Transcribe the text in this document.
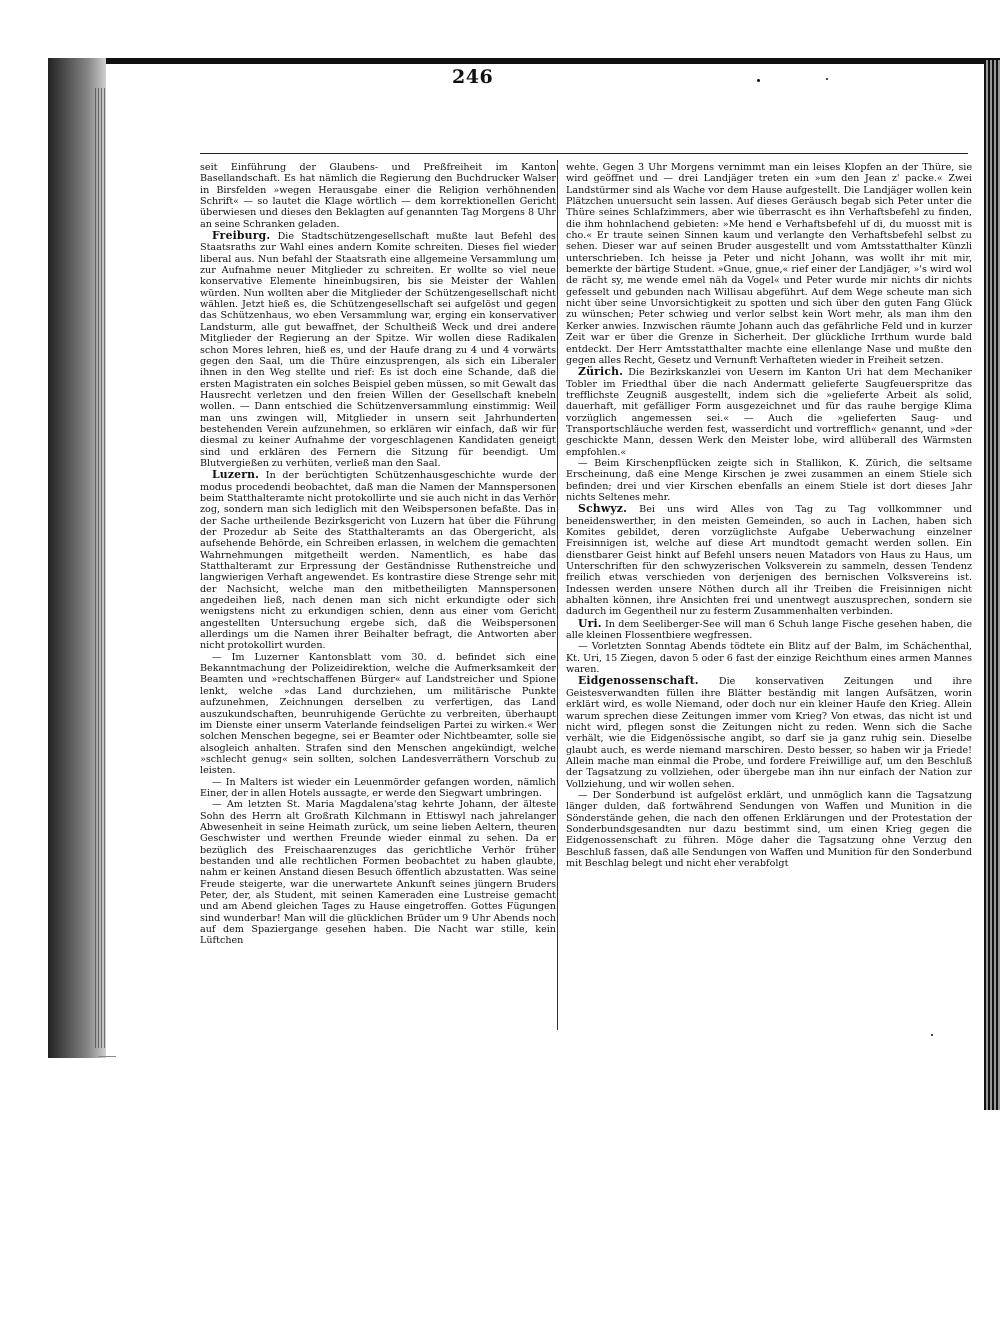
246

seit Einführung der Glaubens- und Preßfreiheit im Kanton Basellandschaft. Es hat nämlich die Regierung den Buchdrucker Walser in Birsfelden »wegen Herausgabe einer die Religion verhöhnenden Schrift« — so lautet die Klage wörtlich — dem korrektionellen Gericht überwiesen und dieses den Beklagten auf genannten Tag Morgens 8 Uhr an seine Schranken geladen.

Freiburg. Die Stadtschützengesellschaft mußte laut Befehl des Staatsraths zur Wahl eines andern Komite schreiten. Dieses fiel wieder liberal aus. Nun befahl der Staatsrath eine allgemeine Versammlung um zur Aufnahme neuer Mitglieder zu schreiten. Er wollte so viel neue konservative Elemente hineinbugsiren, bis sie Meister der Wahlen würden. Nun wollten aber die Mitglieder der Schützengesellschaft nicht wählen. Jetzt hieß es, die Schützengesellschaft sei aufgelöst und gegen das Schützenhaus, wo eben Versammlung war, erging ein konservativer Landsturm, alle gut bewaffnet, der Schultheiß Weck und drei andere Mitglieder der Regierung an der Spitze. Wir wollen diese Radikalen schon Mores lehren, hieß es, und der Haufe drang zu 4 und 4 vorwärts gegen den Saal, um die Thüre einzusprengen, als sich ein Liberaler ihnen in den Weg stellte und rief: Es ist doch eine Schande, daß die ersten Magistraten ein solches Beispiel geben müssen, so mit Gewalt das Hausrecht verletzen und den freien Willen der Gesellschaft knebeln wollen. — Dann entschied die Schützenversammlung einstimmig: Weil man uns zwingen will, Mitglieder in unsern seit Jahrhunderten bestehenden Verein aufzunehmen, so erklären wir einfach, daß wir für diesmal zu keiner Aufnahme der vorgeschlagenen Kandidaten geneigt sind und erklären des Fernern die Sitzung für beendigt. Um Blutvergießen zu verhüten, verließ man den Saal.

Luzern. In der berüchtigten Schützenhausgeschichte wurde der modus procedendi beobachtet, daß man die Namen der Mannspersonen beim Statthalteramte nicht protokollirte und sie auch nicht in das Verhör zog, sondern man sich lediglich mit den Weibspersonen befaßte. Das in der Sache urtheilende Bezirksgericht von Luzern hat über die Führung der Prozedur ab Seite des Statthalteramts an das Obergericht, als aufsehende Behörde, ein Schreiben erlassen, in welchem die gemachten Wahrnehmungen mitgetheilt werden. Namentlich, es habe das Statthalteramt zur Erpressung der Geständnisse Ruthenstreiche und langwierigen Verhaft angewendet. Es kontrastire diese Strenge sehr mit der Nachsicht, welche man den mitbetheiligten Mannspersonen angedeihen ließ, nach denen man sich nicht erkundigte oder sich wenigstens nicht zu erkundigen schien, denn aus einer vom Gericht angestellten Untersuchung ergebe sich, daß die Weibspersonen allerdings um die Namen ihrer Beihalter befragt, die Antworten aber nicht protokollirt wurden.

— Im Luzerner Kantonsblatt vom 30. d. befindet sich eine Bekanntmachung der Polizeidirektion, welche die Aufmerksamkeit der Beamten und »rechtschaffenen Bürger« auf Landstreicher und Spione lenkt, welche »das Land durchziehen, um militärische Punkte aufzunehmen, Zeichnungen derselben zu verfertigen, das Land auszukundschaften, beunruhigende Gerüchte zu verbreiten, überhaupt im Dienste einer unserm Vaterlande feindseligen Partei zu wirken.« Wer solchen Menschen begegne, sei er Beamter oder Nichtbeamter, solle sie alsogleich anhalten. Strafen sind den Menschen angekündigt, welche »schlecht genug« sein sollten, solchen Landesverräthern Vorschub zu leisten.

— In Malters ist wieder ein Leuenmörder gefangen worden, nämlich Einer, der in allen Hotels aussagte, er werde den Siegwart umbringen.

— Am letzten St. Maria Magdalena'stag kehrte Johann, der älteste Sohn des Herrn alt Großrath Kilchmann in Ettiswyl nach jahrelanger Abwesenheit in seine Heimath zurück, um seine lieben Aeltern, theuren Geschwister und werthen Freunde wieder einmal zu sehen. Da er bezüglich des Freischaarenzuges das gerichtliche Verhör früher bestanden und alle rechtlichen Formen beobachtet zu haben glaubte, nahm er keinen Anstand diesen Besuch öffentlich abzustatten. Was seine Freude steigerte, war die unerwartete Ankunft seines jüngern Bruders Peter, der, als Student, mit seinen Kameraden eine Lustreise gemacht und am Abend gleichen Tages zu Hause eingetroffen. Gottes Fügungen sind wunderbar! Man will die glücklichen Brüder um 9 Uhr Abends noch auf dem Spaziergange gesehen haben. Die Nacht war stille, kein Lüftchen

wehte. Gegen 3 Uhr Morgens vernimmt man ein leises Klopfen an der Thüre, sie wird geöffnet und — drei Landjäger treten ein »um den Jean z' packe.« Zwei Landstürmer sind als Wache vor dem Hause aufgestellt. Die Landjäger wollen kein Plätzchen unuersucht sein lassen. Auf dieses Geräusch begab sich Peter unter die Thüre seines Schlafzimmers, aber wie überrascht es ihn Verhaftsbefehl zu finden, die ihm hohnlachend gebieten: »Me hend e Verhaftsbefehl uf di, du muosst mit is cho.« Er traute seinen Sinnen kaum und verlangte den Verhaftsbefehl selbst zu sehen. Dieser war auf seinen Bruder ausgestellt und vom Amtsstatthalter Künzli unterschrieben. Ich heisse ja Peter und nicht Johann, was wollt ihr mit mir, bemerkte der bärtige Student. »Gnue, gnue,« rief einer der Landjäger, »'s wird wol de rächt sy, me wende emel näh da Vogel« und Peter wurde mir nichts dir nichts gefesselt und gebunden nach Willisau abgeführt. Auf dem Wege scheute man sich nicht über seine Unvorsichtigkeit zu spotten und sich über den guten Fang Glück zu wünschen; Peter schwieg und verlor selbst kein Wort mehr, als man ihm den Kerker anwies. Inzwischen räumte Johann auch das gefährliche Feld und in kurzer Zeit war er über die Grenze in Sicherheit. Der glückliche Irrthum wurde bald entdeckt. Der Herr Amtsstatthalter machte eine ellenlange Nase und mußte den gegen alles Recht, Gesetz und Vernunft Verhafteten wieder in Freiheit setzen.

Zürich. Die Bezirkskanzlei von Uesern im Kanton Uri hat dem Mechaniker Tobler im Friedthal über die nach Andermatt gelieferte Saugfeuerspritze das trefflichste Zeugniß ausgestellt, indem sich die »gelieferte Arbeit als solid, dauerhaft, mit gefälliger Form ausgezeichnet und für das rauhe bergige Klima vorzüglich angemessen sei.« — Auch die »gelieferten Saug- und Transportschläuche werden fest, wasserdicht und vortrefflich« genannt, und »der geschickte Mann, dessen Werk den Meister lobe, wird allüberall des Wärmsten empfohlen.«

— Beim Kirschenpflücken zeigte sich in Stallikon, K. Zürich, die seltsame Erscheinung, daß eine Menge Kirschen je zwei zusammen an einem Stiele sich befinden; drei und vier Kirschen ebenfalls an einem Stiele ist dort dieses Jahr nichts Seltenes mehr.

Schwyz. Bei uns wird Alles von Tag zu Tag vollkommner und beneidenswerther, in den meisten Gemeinden, so auch in Lachen, haben sich Komites gebildet, deren vorzüglichste Aufgabe Ueberwachung einzelner Freisinnigen ist, welche auf diese Art mundtodt gemacht werden sollen. Ein dienstbarer Geist hinkt auf Befehl unsers neuen Matadors von Haus zu Haus, um Unterschriften für den schwyzerischen Volksverein zu sammeln, dessen Tendenz freilich etwas verschieden von derjenigen des bernischen Volksvereins ist. Indessen werden unsere Nöthen durch all ihr Treiben die Freisinnigen nicht abhalten können, ihre Ansichten frei und unentwegt auszusprechen, sondern sie dadurch im Gegentheil nur zu festerm Zusammenhalten verbinden.

Uri. In dem Seeliberger-See will man 6 Schuh lange Fische gesehen haben, die alle kleinen Flossentbiere wegfressen.

— Vorletzten Sonntag Abends tödtete ein Blitz auf der Balm, im Schächenthal, Kt. Uri, 15 Ziegen, davon 5 oder 6 fast der einzige Reichthum eines armen Mannes waren.

Eidgenossenschaft. Die konservativen Zeitungen und ihre Geistesverwandten füllen ihre Blätter beständig mit langen Aufsätzen, worin erklärt wird, es wolle Niemand, oder doch nur ein kleiner Haufe den Krieg. Allein warum sprechen diese Zeitungen immer vom Krieg? Von etwas, das nicht ist und nicht wird, pflegen sonst die Zeitungen nicht zu reden. Wenn sich die Sache verhält, wie die Eidgenössische angibt, so darf sie ja ganz ruhig sein. Dieselbe glaubt auch, es werde niemand marschiren. Desto besser, so haben wir ja Friede! Allein mache man einmal die Probe, und fordere Freiwillige auf, um den Beschluß der Tagsatzung zu vollziehen, oder übergebe man ihn nur einfach der Nation zur Vollziehung, und wir wollen sehen.

— Der Sonderbund ist aufgelöst erklärt, und unmöglich kann die Tagsatzung länger dulden, daß fortwährend Sendungen von Waffen und Munition in die Sönderstände gehen, die nach den offenen Erklärungen und der Protestation der Sonderbundsgesandten nur dazu bestimmt sind, um einen Krieg gegen die Eidgenossenschaft zu führen. Möge daher die Tagsatzung ohne Verzug den Beschluß fassen, daß alle Sendungen von Waffen und Munition für den Sonderbund mit Beschlag belegt und nicht eher verabfolgt
